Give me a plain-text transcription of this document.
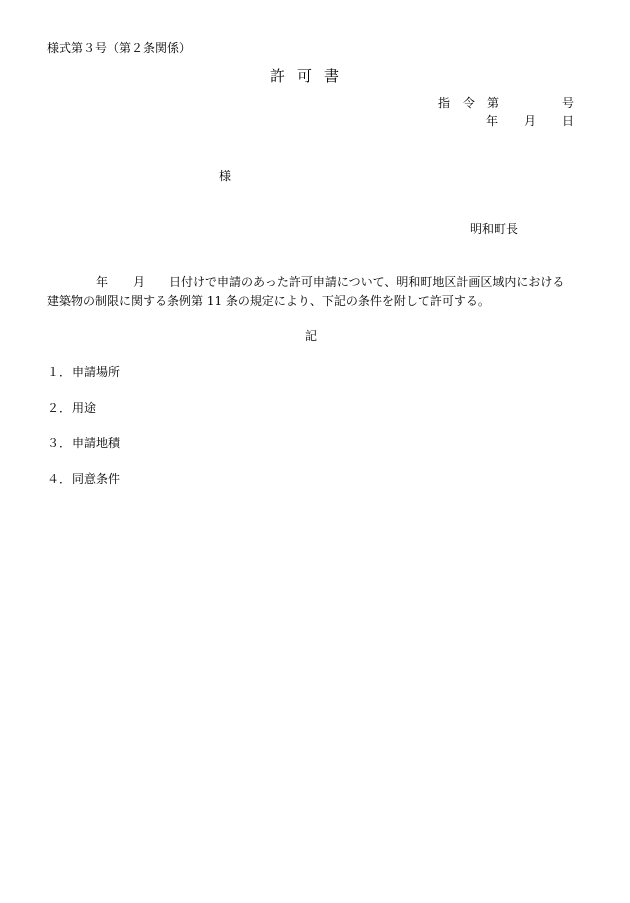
様式第３号（第２条関係）
許可書
指 令 第	号
年 月 日
様
明和町長
年 月 日付けで申請のあった許可申請について、明和町地区計画区域内における
建築物の制限に関する条例第 11 条の規定により、下記の条件を附して許可する。
記
１．申請場所
２．用途
３．申請地積
４．同意条件
